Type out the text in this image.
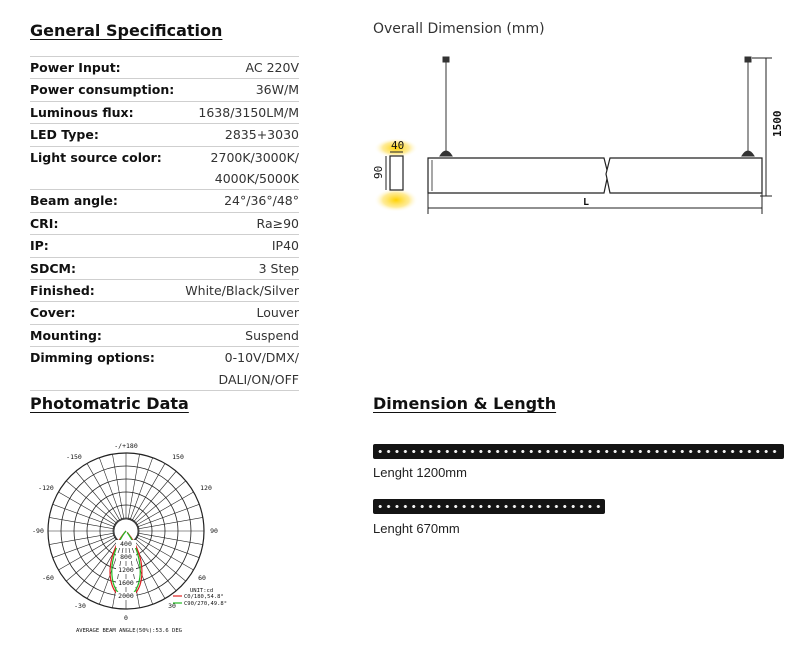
General Specification
Power Input:	AC 220V
Power consumption:	36W/M
Luminous flux:	1638/3150LM/M
LED Type:	2835+3030
Light source color:	2700K/3000K/
4000K/5000K
Beam angle:	24°/36°/48°
CRI:	Ra≥90
IP:	IP40
SDCM:	3 Step
Finished:	White/Black/Silver
Cover:	Louver
Mounting:	Suspend
Dimming options:	0-10V/DMX/
DALI/ON/OFF
Overall Dimension (mm)
40
90
1500
L
Photomatric Data
-/+180
-150	150
-120	120
-90	90
-60	60
-30	30
0
400
800
1200
1600
2000
UNIT:cd
C0/180,54.8°
C90/270,49.8°
AVERAGE BEAM ANGLE(50%):53.6 DEG
Dimension & Length
Lenght 1200mm
Lenght 670mm
